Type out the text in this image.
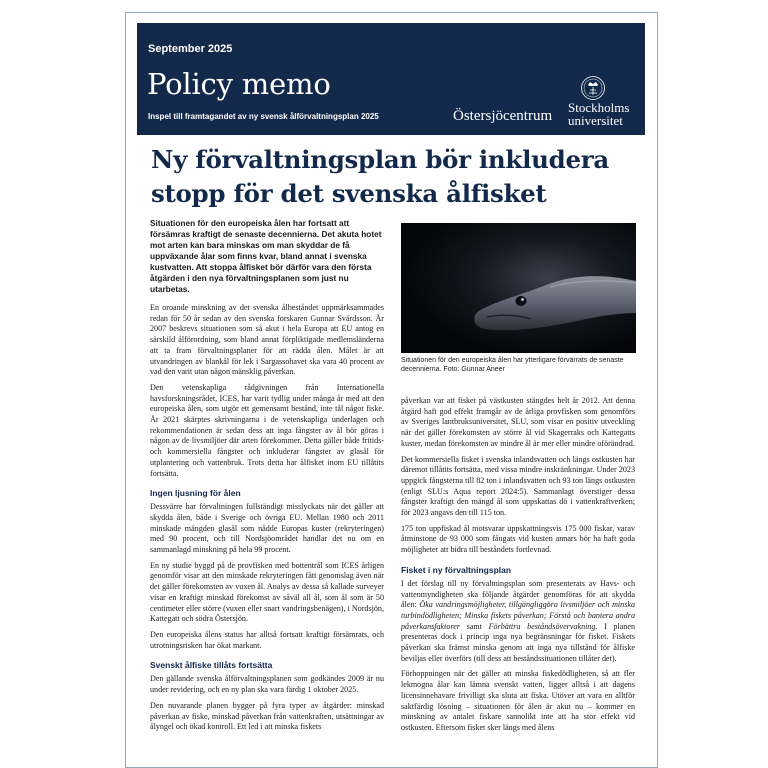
September 2025
Policy memo
Inspel till framtagandet av ny svensk ålförvaltningsplan 2025	Östersjöcentrum
Stockholms
universitet
Ny förvaltningsplan bör inkludera stopp för det svenska ålfisket

Situationen för den europeiska ålen har fortsatt att försämras kraftigt de senaste decennierna. Det akuta hotet mot arten kan bara minskas om man skyddar de få uppväxande ålar som finns kvar, bland annat i svenska kustvatten. Att stoppa ålfisket bör därför vara den första åtgärden i den nya förvaltningsplanen som just nu utarbetas.

En oroande minskning av det svenska ålbeståndet uppmärksammades redan för 50 år sedan av den svenska forskaren Gunnar Svärdsson. År 2007 beskrevs situationen som så akut i hela Europa att EU antog en särskild ålförordning, som bland annat förpliktigade medlemsländerna att ta fram förvaltningsplaner för att rädda ålen. Målet är att utvandringen av blankål för lek i Sargassohavet ska vara 40 procent av vad den varit utan någon mänsklig påverkan.

Den vetenskapliga rådgivningen från Internationella havsforskningsrådet, ICES, har varit tydlig under många år med att den europeiska ålen, som utgör ett gemensamt bestånd, inte tål något fiske. År 2021 skärptes skrivningarna i de vetenskapliga underlagen och rekommendationen är sedan dess att inga fångster av ål bör göras i någon av de livsmiljöer där arten förekommer. Detta gäller både fritids- och kommersiella fångster och inkluderar fångster av glasål för utplantering och vattenbruk. Trots detta har ålfisket inom EU tillåtits fortsätta.

Ingen ljusning för ålen

Dessvärre har förvaltningen fullständigt misslyckats när det gäller att skydda ålen, både i Sverige och övriga EU. Mellan 1980 och 2011 minskade mängden glasål som nådde Europas kuster (rekryteringen) med 90 procent, och till Nordsjöområdet handlar det nu om en sammanlagd minskning på hela 99 procent.

En ny studie byggd på de provfisken med bottentrål som ICES årligen genomför visar att den minskade rekryteringen fått genomslag även när det gäller förekomsten av vuxen ål. Analys av dessa så kallade surveyer visar en kraftigt minskad förekomst av såväl all ål, som ål som är 50 centimeter eller större (vuxen eller snart vandringsbenägen), i Nordsjön, Kattegatt och södra Östersjön.

Den europeiska ålens status har alltså fortsatt kraftigt försämrats, och utrotningsrisken har ökat markant.

Svenskt ålfiske tillåts fortsätta

Den gällande svenska ålförvaltningsplanen som godkändes 2009 är nu under revidering, och en ny plan ska vara färdig 1 oktober 2025.

Den nuvarande planen bygger på fyra typer av åtgärder: minskad påverkan av fiske, minskad påverkan från vattenkraften, utsättningar av ålyngel och ökad kontroll. Ett led i att minska fiskets

Situationen för den europeiska ålen har ytterligare förvärrats de senaste decennierna. Foto: Gunnar Aneer

påverkan var att fisket på västkusten stängdes helt år 2012. Att denna åtgärd haft god effekt framgår av de årliga provfisken som genomförs av Sveriges lantbruksuniversitet, SLU, som visar en positiv utveckling när det gäller förekomsten av större ål vid Skagerraks och Kattegatts kuster, medan förekomsten av mindre ål är mer eller mindre oförändrad.

Det kommersiella fisket i svenska inlandsvatten och längs ostkusten har däremot tillåtits fortsätta, med vissa mindre inskränkningar. Under 2023 uppgick fångsterna till 82 ton i inlandsvatten och 93 ton längs ostkusten (enligt SLU:s Aqua report 2024:5). Sammanlagt överstiger dessa fångster kraftigt den mängd ål som uppskattas dö i vattenkraftverken; för 2023 angavs den till 115 ton.

175 ton uppfiskad ål motsvarar uppskattningsvis 175 000 fiskar, varav åtminstone de 93 000 som fångats vid kusten annars bör ha haft goda möjligheter att bidra till beståndets fortlevnad.

Fisket i ny förvaltningsplan

I det förslag till ny förvaltningsplan som presenterats av Havs- och vattenmyndigheten ska följande åtgärder genomföras för att skydda ålen: Öka vandringsmöjligheter, tillgängliggöra livsmiljöer och minska turbindödligheten; Minska fiskets påverkan; Förstå och bantera andra påverkansfaktorer samt Förbättra beståndsövervakning. I planen presenteras dock i princip inga nya begränsningar för fisket. Fiskets påverkan ska främst minska genom att inga nya tillstånd för ålfiske beviljas eller överförs (till dess att beståndssituationen tillåter det).

Förhoppningen när det gäller att minska fiskedödligheten, så att fler lekmogna ålar kan lämna svenskt vatten, ligger alltså i att dagens licensinnehavare frivilligt ska sluta att fiska. Utöver att vara en alltför saktfärdig lösning – situationen för ålen är akut nu – kommer en minskning av antalet fiskare sannolikt inte att ha stor effekt vid ostkusten. Eftersom fisket sker längs med ålens
